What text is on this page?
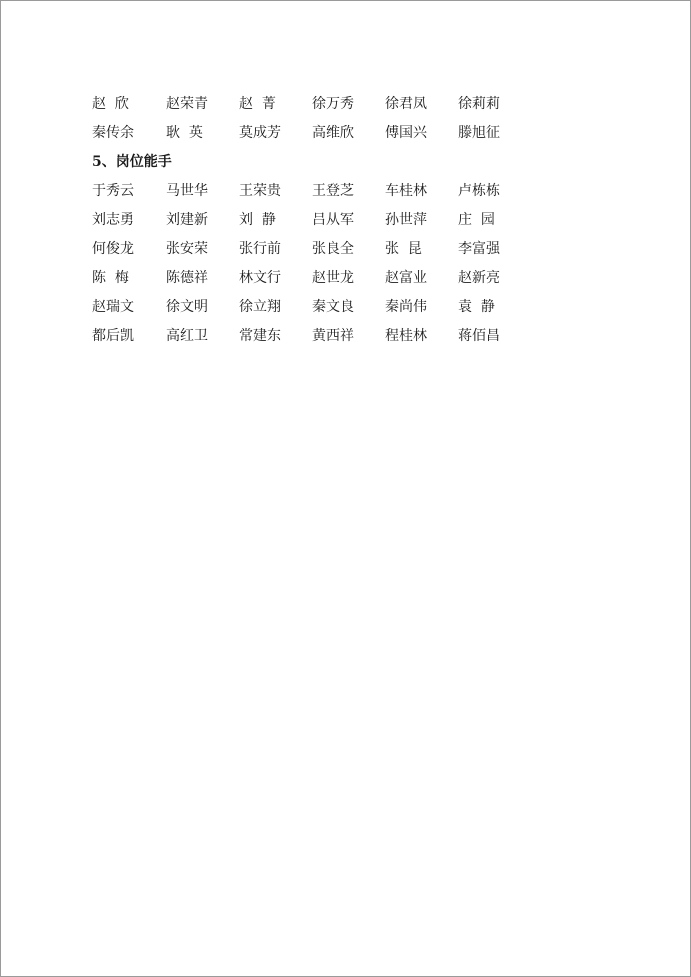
赵  欣	赵荣青 赵  菁	徐万秀 徐君凤 徐莉莉
秦传余 耿  英	莫成芳 高维欣 傅国兴 滕旭征
5、岗位能手
于秀云 马世华 王荣贵 王登芝 车桂林 卢栋栋
刘志勇 刘建新 刘  静	吕从军 孙世萍 庄  园
何俊龙 张安荣 张行前 张良全 张  昆	李富强
陈  梅	陈德祥 林文行 赵世龙 赵富业 赵新亮
赵瑞文 徐文明 徐立翔 秦文良 秦尚伟 袁  静
都后凯 高红卫 常建东 黄西祥 程桂林 蒋佰昌
